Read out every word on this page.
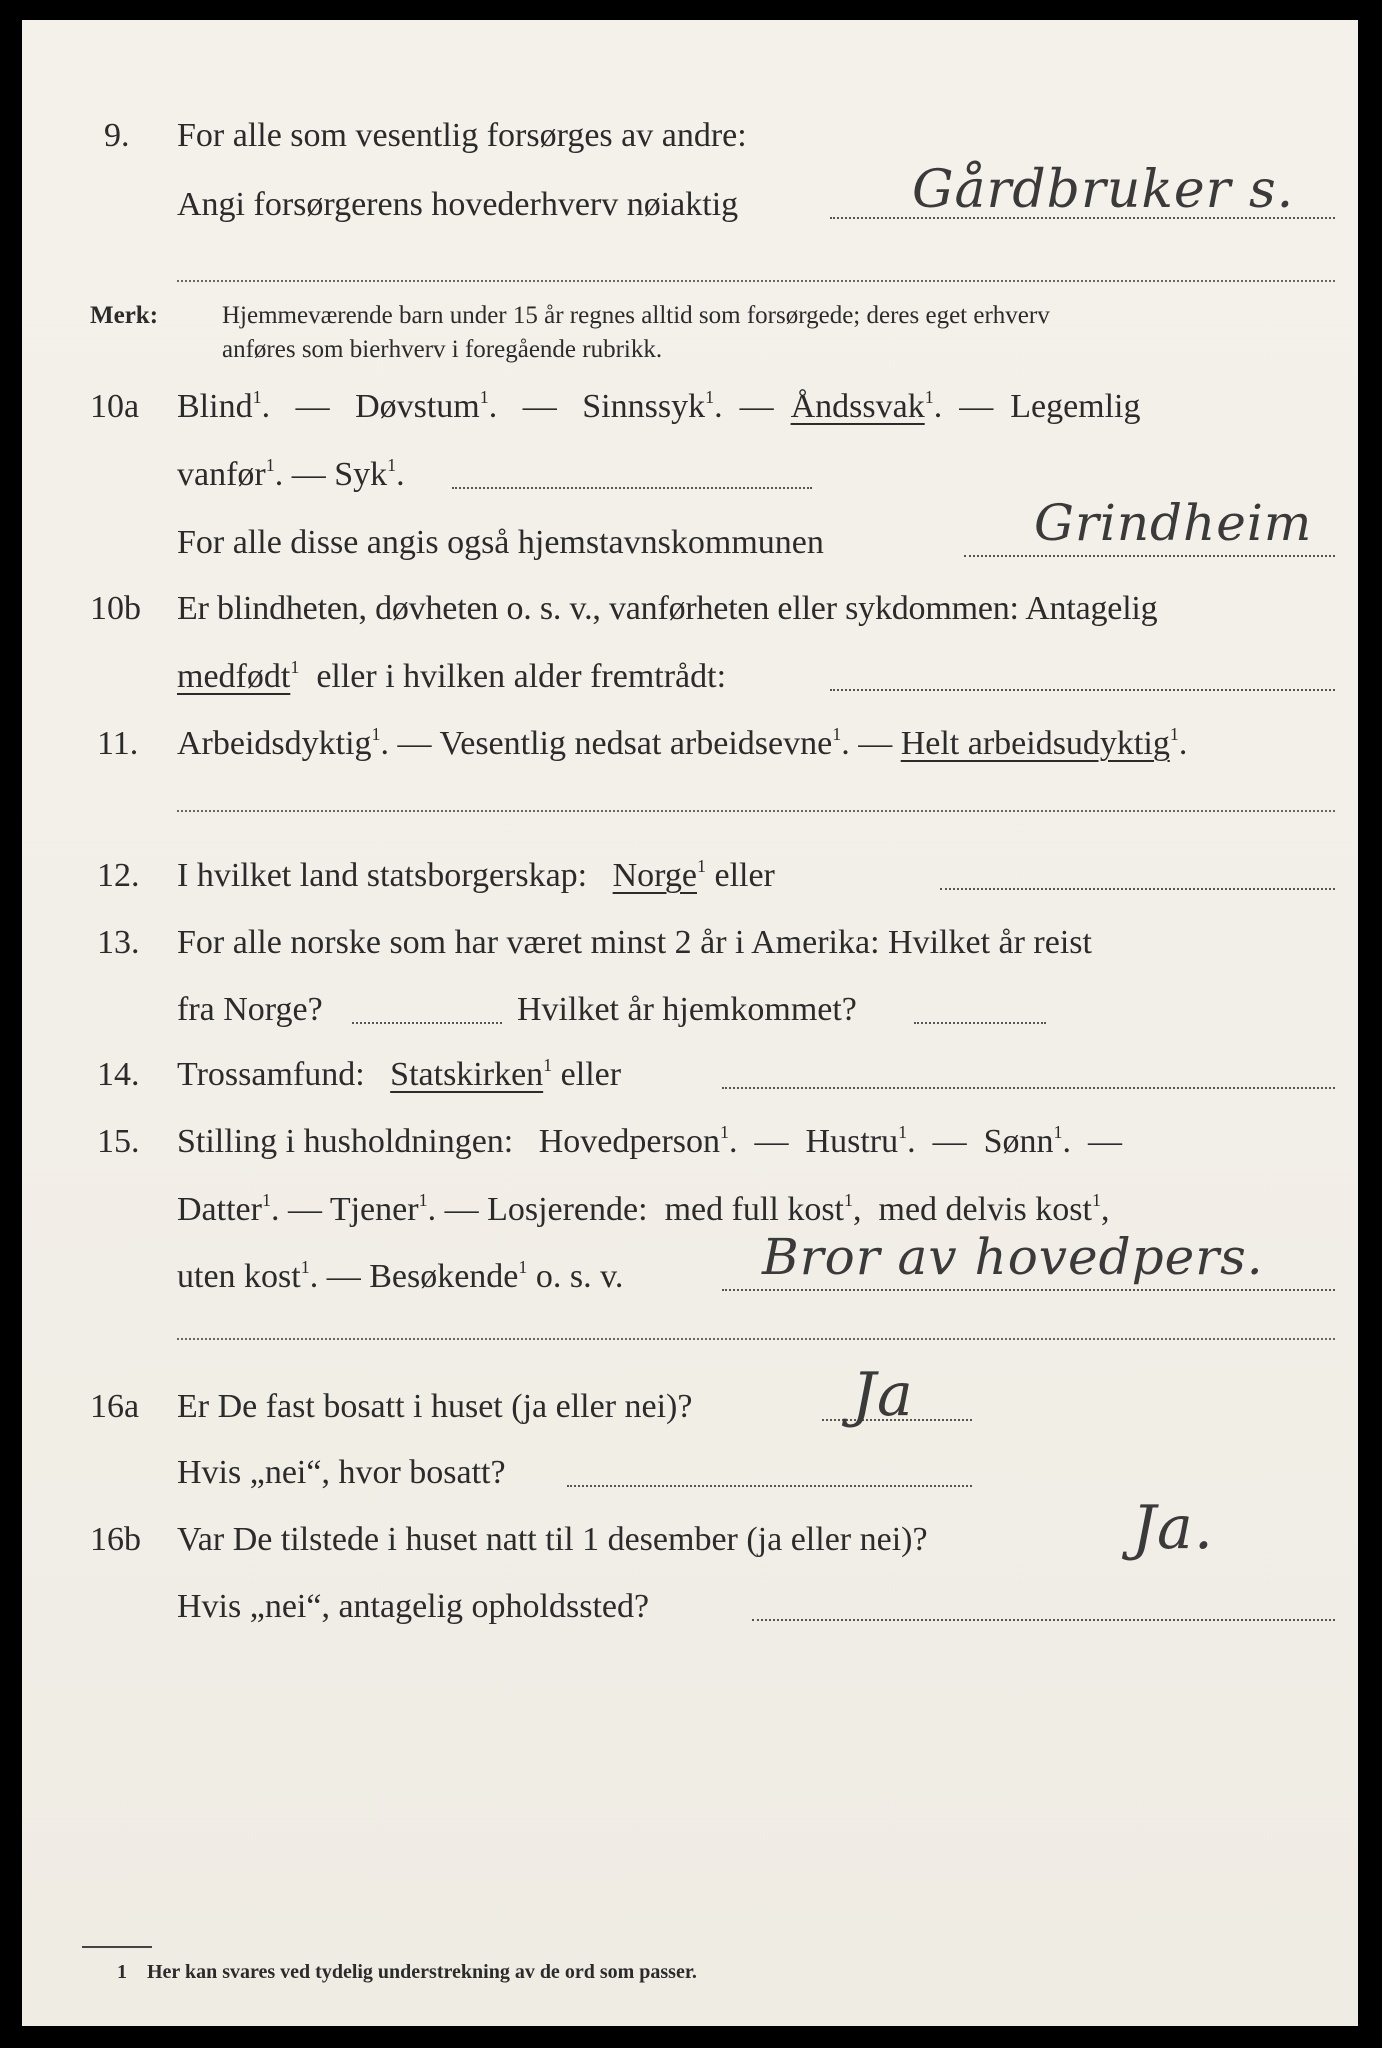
9. For alle som vesentlig forsørges av andre:
Angi forsørgerens hovederhverv nøiaktig	Gårdbruker s.
Merk:	Hjemmeværende barn under 15 år regnes alltid som forsørgede; deres eget erhverv
anføres som bierhverv i foregående rubrikk.
10a Blind$^1$.   —   Døvstum$^1$.   —   Sinnssyk$^1$.  —  Åndssvak$^1$.  —  Legemlig
vanfør$^1$. — Syk$^1$.
For alle disse angis også hjemstavnskommunen	Grindheim
10b Er blindheten, døvheten o. s. v., vanførheten eller sykdommen: Antagelig
medfødt$^1$ eller i hvilken alder fremtrådt:
11. Arbeidsdyktig$^1$. — Vesentlig nedsat arbeidsevne$^1$. — Helt arbeidsudyktig$^1$.
12. I hvilket land statsborgerskap: Norge$^1$ eller
13. For alle norske som har været minst 2 år i Amerika: Hvilket år reist
fra Norge?	Hvilket år hjemkommet?
14. Trossamfund: Statskirken$^1$ eller
15. Stilling i husholdningen: Hovedperson$^1$.  —  Hustru$^1$.  —  Sønn$^1$.  —
Datter$^1$. — Tjener$^1$. — Losjerende: med full kost$^1$,  med delvis kost$^1$,
uten kost$^1$. — Besøkende$^1$ o. s. v.	Bror av hovedpers.
16a Er De fast bosatt i huset (ja eller nei)?	Ja
Hvis „nei“, hvor bosatt?
16b Var De tilstede i huset natt til 1 desember (ja eller nei)?	Ja.
Hvis „nei“, antagelig opholdssted?
1 Her kan svares ved tydelig understrekning av de ord som passer.
